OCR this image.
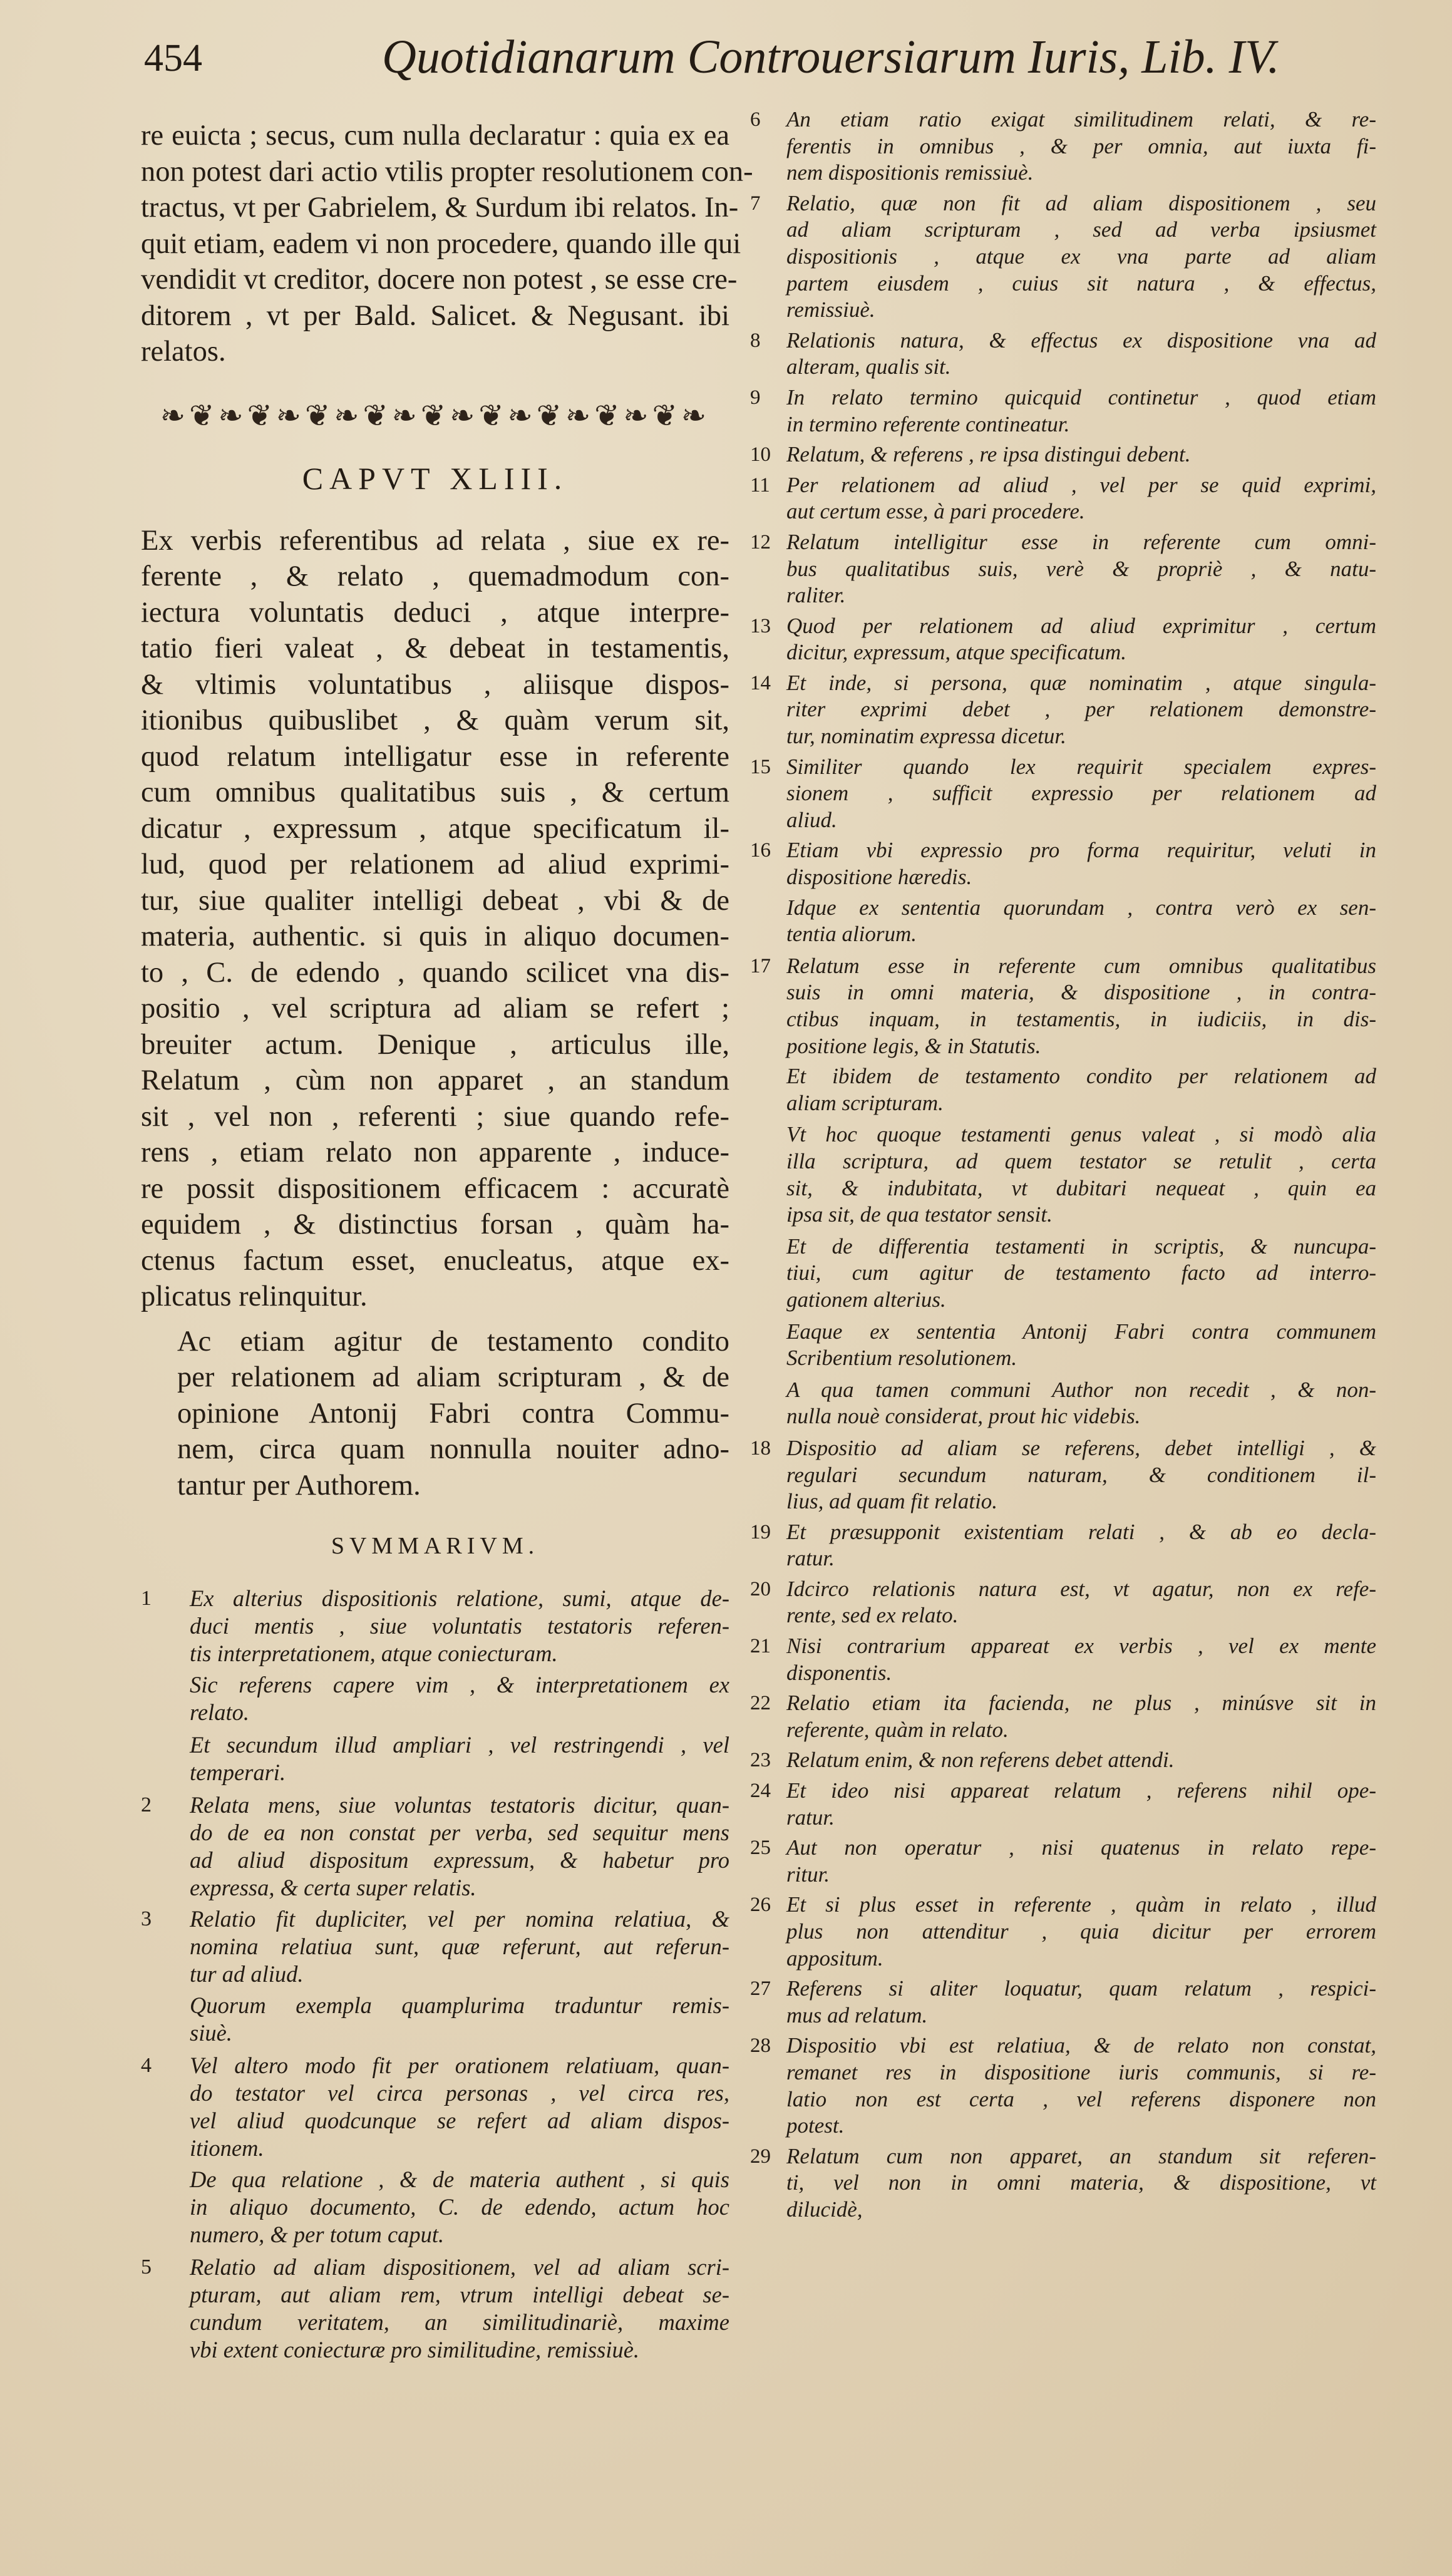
454	Quotidianarum Controuersiarum Iuris, Lib. IV.
re euicta ; secus, cum nulla declaratur : quia ex ea
non potest dari actio vtilis propter resolutionem con-
tractus, vt per Gabrielem, & Surdum ibi relatos. In-
quit etiam, eadem vi non procedere, quando ille qui
vendidit vt creditor, docere non potest , se esse cre-
ditorem , vt per Bald. Salicet. & Negusant. ibi
relatos.
❧❦❧❦❧❦❧❦❧❦❧❦❧❦❧❦❧❦❧
CAPVT XLIII.
Ex verbis referentibus ad relata , siue ex re-
ferente , & relato , quemadmodum con-
iectura voluntatis deduci , atque interpre-
tatio fieri valeat , & debeat in testamentis,
& vltimis voluntatibus , aliisque dispos-
itionibus quibuslibet , & quàm verum sit,
quod relatum intelligatur esse in referente
cum omnibus qualitatibus suis , & certum
dicatur , expressum , atque specificatum il-
lud, quod per relationem ad aliud exprimi-
tur, siue qualiter intelligi debeat , vbi & de
materia, authentic. si quis in aliquo documen-
to , C. de edendo , quando scilicet vna dis-
positio , vel scriptura ad aliam se refert ;
breuiter actum. Denique , articulus ille,
Relatum , cùm non apparet , an standum
sit , vel non , referenti ; siue quando refe-
rens , etiam relato non apparente , induce-
re possit dispositionem efficacem : accuratè
equidem , & distinctius forsan , quàm ha-
ctenus factum esset, enucleatus, atque ex-
plicatus relinquitur.
Ac etiam agitur de testamento condito
per relationem ad aliam scripturam , & de
opinione Antonij Fabri contra Commu-
nem, circa quam nonnulla nouiter adno-
tantur per Authorem.
SVMMARIVM.
1	Ex alterius dispositionis relatione, sumi, atque de-
duci mentis , siue voluntatis testatoris referen-
tis interpretationem, atque coniecturam.
Sic referens capere vim , & interpretationem ex
relato.
Et secundum illud ampliari , vel restringendi , vel
temperari.
2	Relata mens, siue voluntas testatoris dicitur, quan-
do de ea non constat per verba, sed sequitur mens
ad aliud dispositum expressum, & habetur pro
expressa, & certa super relatis.
3	Relatio fit dupliciter, vel per nomina relatiua, &
nomina relatiua sunt, quæ referunt, aut referun-
tur ad aliud.
Quorum exempla quamplurima traduntur remis-
siuè.
4	Vel altero modo fit per orationem relatiuam, quan-
do testator vel circa personas , vel circa res,
vel aliud quodcunque se refert ad aliam dispos-
itionem.
De qua relatione , & de materia authent , si quis
in aliquo documento, C. de edendo, actum hoc
numero, & per totum caput.
5	Relatio ad aliam dispositionem, vel ad aliam scri-
pturam, aut aliam rem, vtrum intelligi debeat se-
cundum veritatem, an similitudinariè, maxime
vbi extent coniecturæ pro similitudine, remissiuè.
6	An etiam ratio exigat similitudinem relati, & re-
ferentis in omnibus , & per omnia, aut iuxta fi-
nem dispositionis remissiuè.
7	Relatio, quæ non fit ad aliam dispositionem , seu
ad aliam scripturam , sed ad verba ipsiusmet
dispositionis , atque ex vna parte ad aliam
partem eiusdem , cuius sit natura , & effectus,
remissiuè.
8	Relationis natura, & effectus ex dispositione vna ad
alteram, qualis sit.
9	In relato termino quicquid continetur , quod etiam
in termino referente contineatur.
10 Relatum, & referens , re ipsa distingui debent.
11 Per relationem ad aliud , vel per se quid exprimi,
aut certum esse, à pari procedere.
12 Relatum intelligitur esse in referente cum omni-
bus qualitatibus suis, verè & propriè , & natu-
raliter.
13 Quod per relationem ad aliud exprimitur , certum
dicitur, expressum, atque specificatum.
14 Et inde, si persona, quæ nominatim , atque singula-
riter exprimi debet , per relationem demonstre-
tur, nominatim expressa dicetur.
15 Similiter quando lex requirit specialem expres-
sionem , sufficit expressio per relationem ad
aliud.
16 Etiam vbi expressio pro forma requiritur, veluti in
dispositione hæredis.
Idque ex sententia quorundam , contra verò ex sen-
tentia aliorum.
17 Relatum esse in referente cum omnibus qualitatibus
suis in omni materia, & dispositione , in contra-
ctibus inquam, in testamentis, in iudiciis, in dis-
positione legis, & in Statutis.
Et ibidem de testamento condito per relationem ad
aliam scripturam.
Vt hoc quoque testamenti genus valeat , si modò alia
illa scriptura, ad quem testator se retulit , certa
sit, & indubitata, vt dubitari nequeat , quin ea
ipsa sit, de qua testator sensit.
Et de differentia testamenti in scriptis, & nuncupa-
tiui, cum agitur de testamento facto ad interro-
gationem alterius.
Eaque ex sententia Antonij Fabri contra communem
Scribentium resolutionem.
A qua tamen communi Author non recedit , & non-
nulla nouè considerat, prout hic videbis.
18 Dispositio ad aliam se referens, debet intelligi , &
regulari secundum naturam, & conditionem il-
lius, ad quam fit relatio.
19 Et præsupponit existentiam relati , & ab eo decla-
ratur.
20 Idcirco relationis natura est, vt agatur, non ex refe-
rente, sed ex relato.
21 Nisi contrarium appareat ex verbis , vel ex mente
disponentis.
22 Relatio etiam ita facienda, ne plus , minúsve sit in
referente, quàm in relato.
23 Relatum enim, & non referens debet attendi.
24 Et ideo nisi appareat relatum , referens nihil ope-
ratur.
25 Aut non operatur , nisi quatenus in relato repe-
ritur.
26 Et si plus esset in referente , quàm in relato , illud
plus non attenditur , quia dicitur per errorem
appositum.
27 Referens si aliter loquatur, quam relatum , respici-
mus ad relatum.
28 Dispositio vbi est relatiua, & de relato non constat,
remanet res in dispositione iuris communis, si re-
latio non est certa , vel referens disponere non
potest.
29 Relatum cum non apparet, an standum sit referen-
ti, vel non in omni materia, & dispositione, vt
dilucidè,
